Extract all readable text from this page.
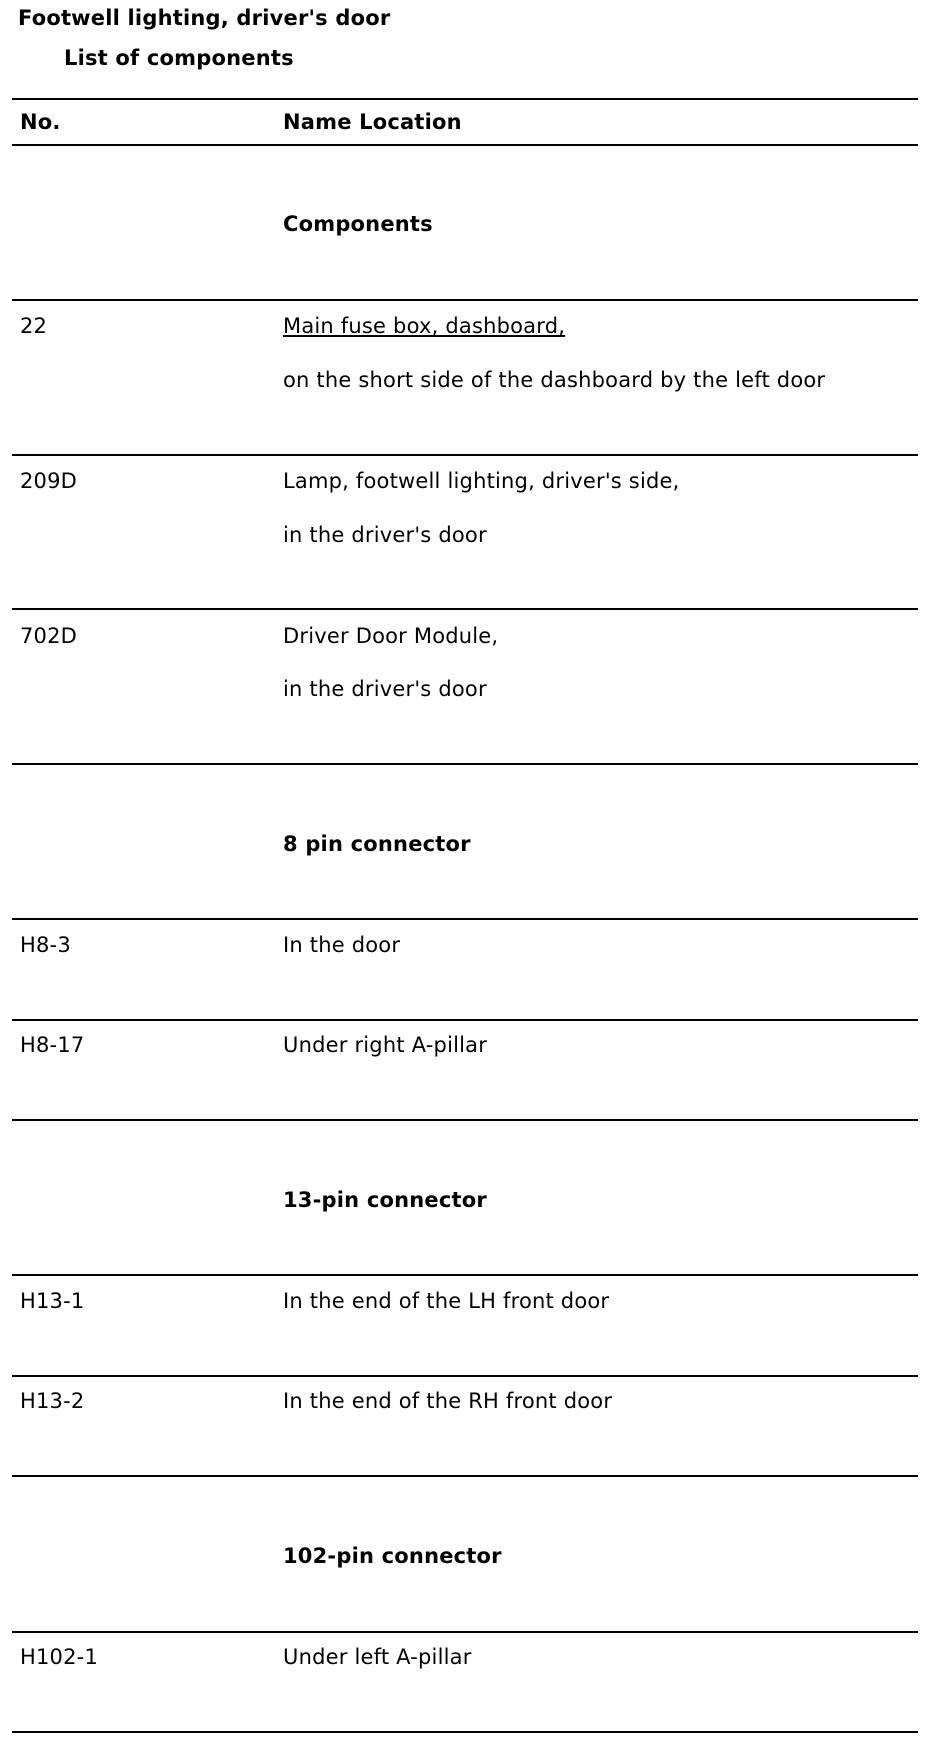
Footwell lighting, driver's door
List of components
No.	Name Location
Components
22	Main fuse box, dashboard,
on the short side of the dashboard by the left door
209D	Lamp, footwell lighting, driver's side,
in the driver's door
702D	Driver Door Module,
in the driver's door
8 pin connector
H8-3	In the door
H8-17	Under right A-pillar
13-pin connector
H13-1	In the end of the LH front door
H13-2	In the end of the RH front door
102-pin connector
H102-1	Under left A-pillar
